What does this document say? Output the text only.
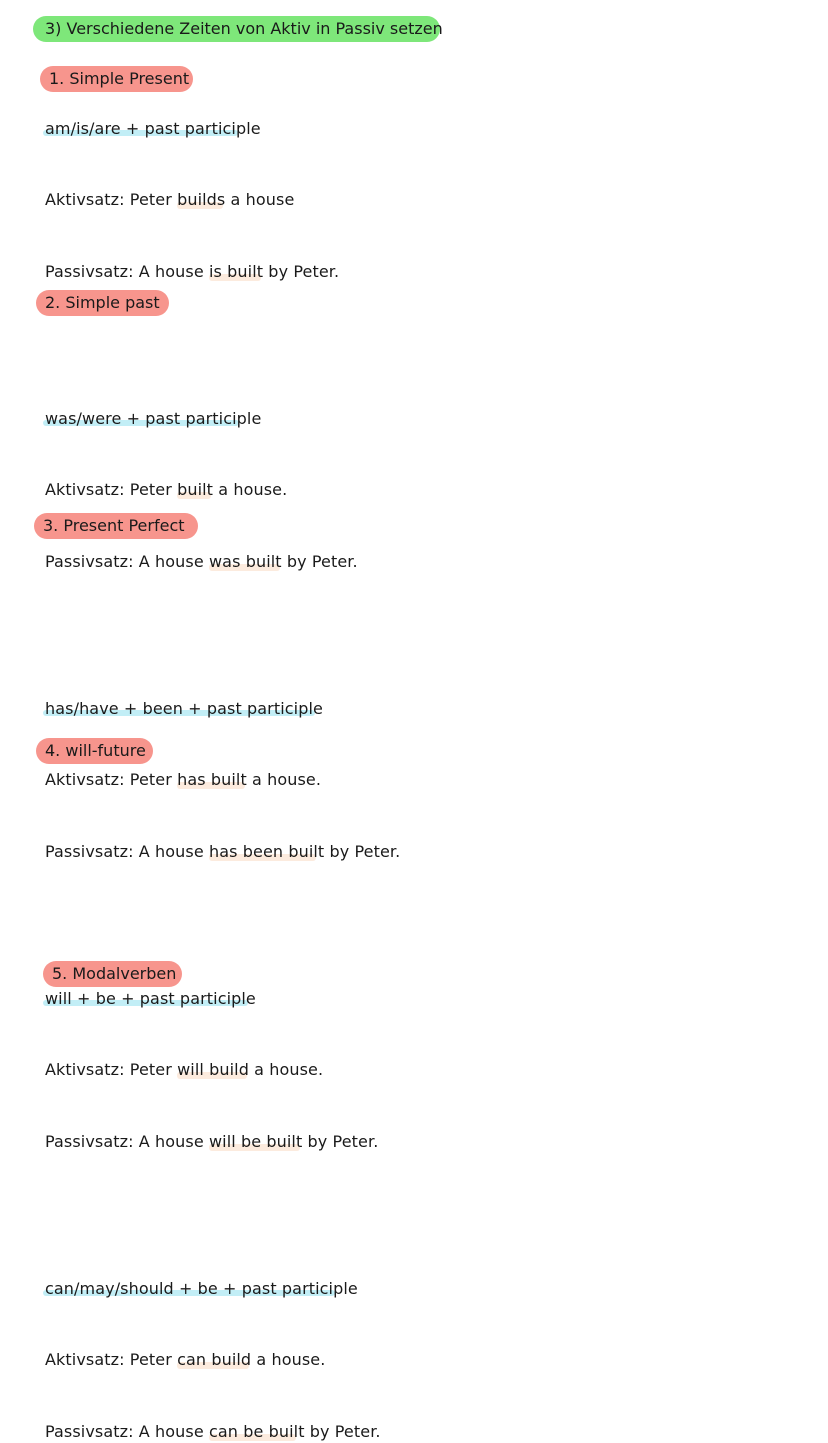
3) Verschiedene Zeiten von Aktiv in Passiv setzen
1. Simple Present
am/is/are + past participle
Aktivsatz: Peter builds a house
Passivsatz: A house is built by Peter.
2. Simple past
was/were + past participle
Aktivsatz: Peter built a house.
Passivsatz: A house was built by Peter.
3. Present Perfect
has/have + been + past participle
Aktivsatz: Peter has built a house.
Passivsatz: A house has been built by Peter.
4. will-future
will + be + past participle
Aktivsatz: Peter will build a house.
Passivsatz: A house will be built by Peter.
5. Modalverben
can/may/should + be + past participle
Aktivsatz: Peter can build a house.
Passivsatz: A house can be built by Peter.
